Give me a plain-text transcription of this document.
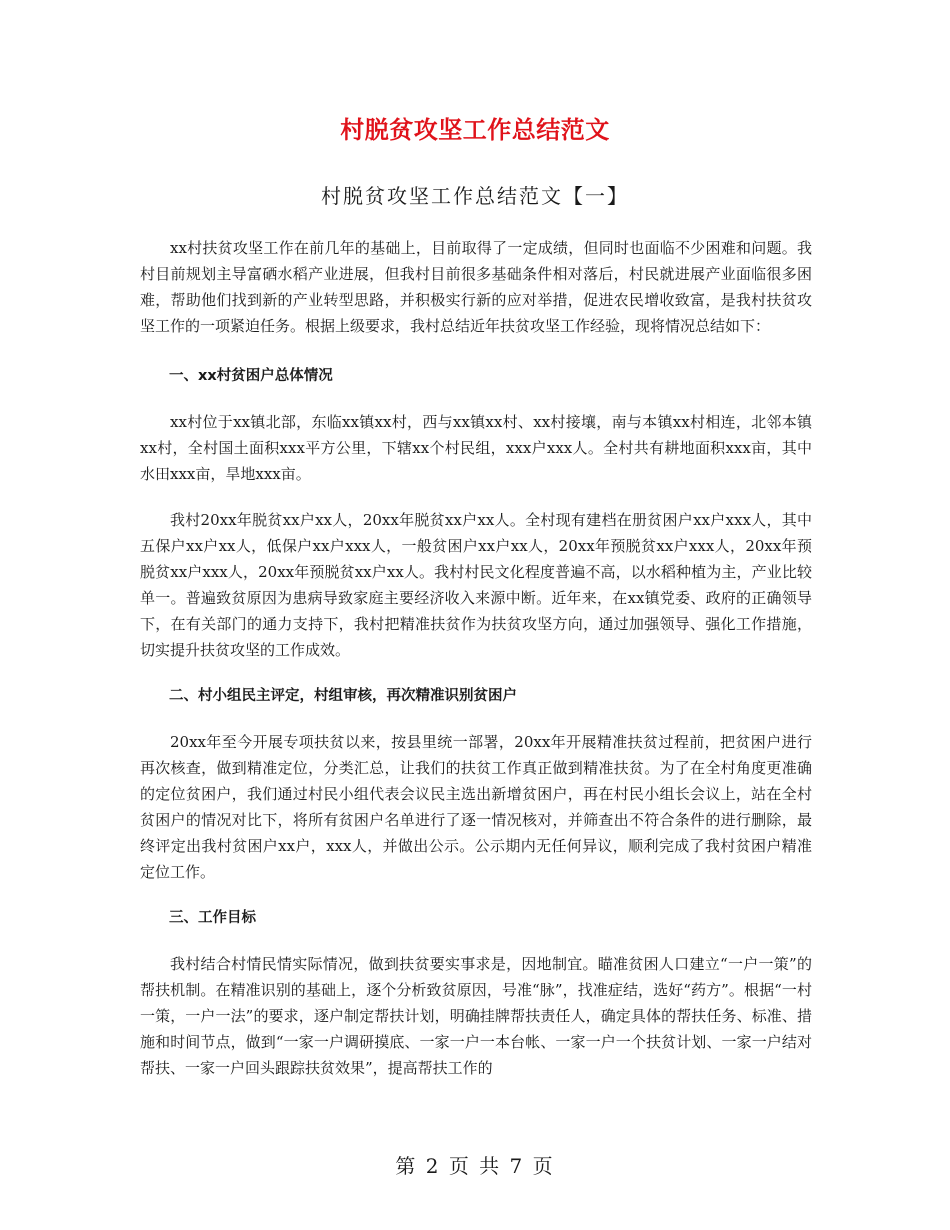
村脱贫攻坚工作总结范文
村脱贫攻坚工作总结范文【一】

xx村扶贫攻坚工作在前几年的基础上，目前取得了一定成绩，但同时也面临不少困难和问题。我村目前规划主导富硒水稻产业进展，但我村目前很多基础条件相对落后，村民就进展产业面临很多困难，帮助他们找到新的产业转型思路，并积极实行新的应对举措，促进农民增收致富，是我村扶贫攻坚工作的一项紧迫任务。根据上级要求，我村总结近年扶贫攻坚工作经验，现将情况总结如下：

一、xx村贫困户总体情况

xx村位于xx镇北部，东临xx镇xx村，西与xx镇xx村、xx村接壤，南与本镇xx村相连，北邻本镇xx村，全村国土面积xxx平方公里，下辖xx个村民组，xxx户xxx人。全村共有耕地面积xxx亩，其中水田xxx亩，旱地xxx亩。

我村20xx年脱贫xx户xx人，20xx年脱贫xx户xx人。全村现有建档在册贫困户xx户xxx人，其中五保户xx户xx人，低保户xx户xxx人，一般贫困户xx户xx人，20xx年预脱贫xx户xxx人，20xx年预脱贫xx户xxx人，20xx年预脱贫xx户xx人。我村村民文化程度普遍不高，以水稻种植为主，产业比较单一。普遍致贫原因为患病导致家庭主要经济收入来源中断。近年来，在xx镇党委、政府的正确领导下，在有关部门的通力支持下，我村把精准扶贫作为扶贫攻坚方向，通过加强领导、强化工作措施，切实提升扶贫攻坚的工作成效。

二、村小组民主评定，村组审核，再次精准识别贫困户

20xx年至今开展专项扶贫以来，按县里统一部署，20xx年开展精准扶贫过程前，把贫困户进行再次核查，做到精准定位，分类汇总，让我们的扶贫工作真正做到精准扶贫。为了在全村角度更准确的定位贫困户，我们通过村民小组代表会议民主选出新增贫困户，再在村民小组长会议上，站在全村贫困户的情况对比下，将所有贫困户名单进行了逐一情况核对，并筛查出不符合条件的进行删除，最终评定出我村贫困户xx户，xxx人，并做出公示。公示期内无任何异议，顺利完成了我村贫困户精准定位工作。

三、工作目标

我村结合村情民情实际情况，做到扶贫要实事求是，因地制宜。瞄准贫困人口建立“一户一策”的帮扶机制。在精准识别的基础上，逐个分析致贫原因，号准“脉”，找准症结，选好“药方”。根据“一村一策，一户一法”的要求，逐户制定帮扶计划，明确挂牌帮扶责任人，确定具体的帮扶任务、标准、措施和时间节点，做到“一家一户调研摸底、一家一户一本台帐、一家一户一个扶贫计划、一家一户结对帮扶、一家一户回头跟踪扶贫效果”，提高帮扶工作的

第 2 页 共 7 页
